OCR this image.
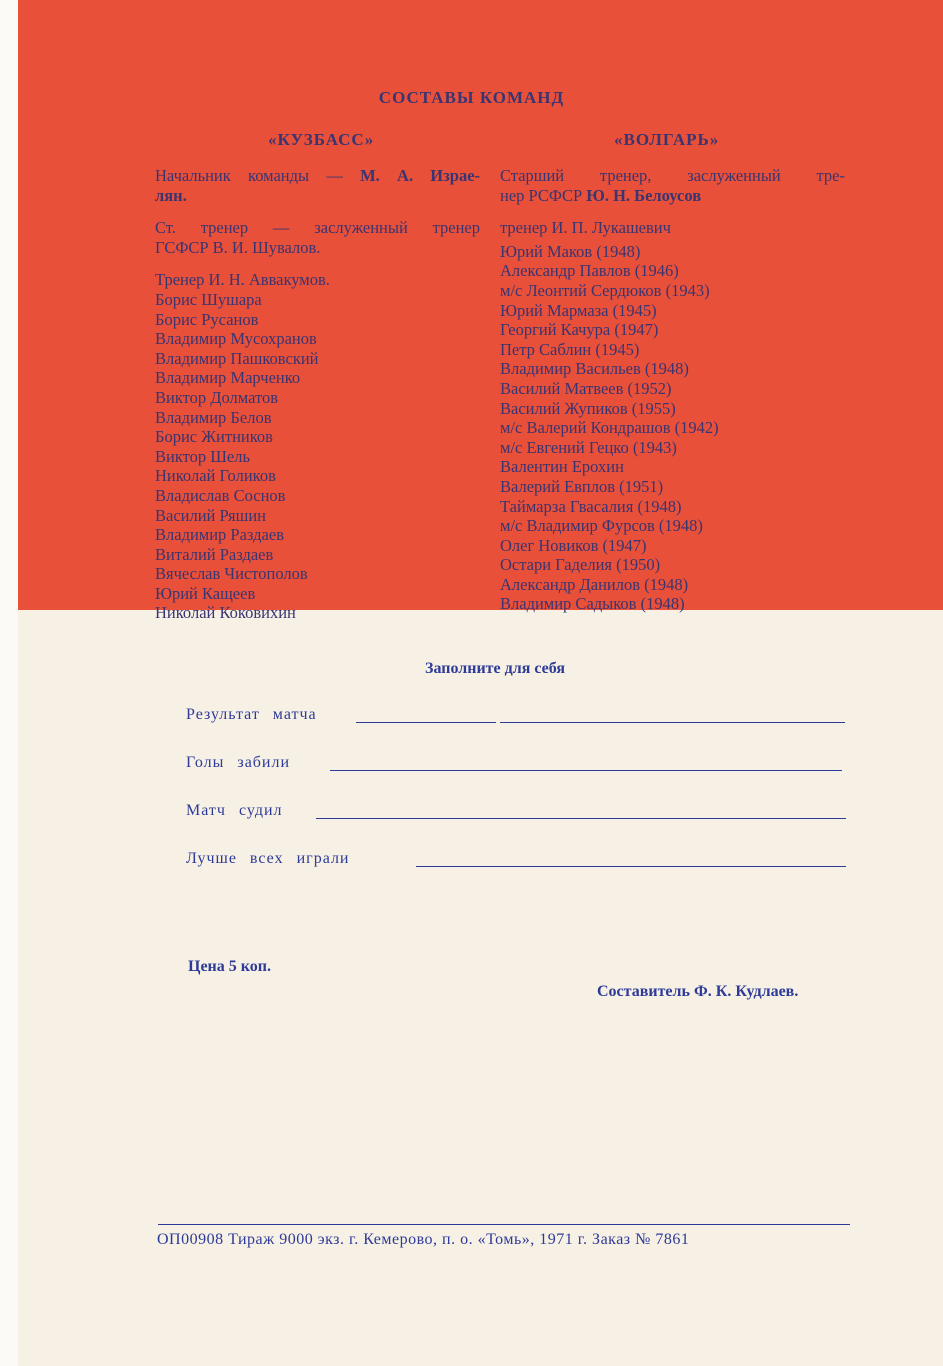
СОСТАВЫ КОМАНД
«КУЗБАСС»	«ВОЛГАРЬ»

Начальник команды — М. А. Израе-

лян.

Ст. тренер — заслуженный тренер

ГСФСР В. И. Шувалов.

Тренер И. Н. Аввакумов.

Борис Шушара

Борис Русанов

Владимир Мусохранов

Владимир Пашковский

Владимир Марченко

Виктор Долматов

Владимир Белов

Борис Житников

Виктор Шель

Николай Голиков

Владислав Соснов

Василий Ряшин

Владимир Раздаев

Виталий Раздаев

Вячеслав Чистополов

Юрий Кащеев

Николай Коковихин

Старший тренер, заслуженный тре-

нер РСФСР Ю. Н. Белоусов

тренер И. П. Лукашевич

Юрий Маков (1948)

Александр Павлов (1946)

м/с Леонтий Сердюков (1943)

Юрий Мармаза (1945)

Георгий Качура (1947)

Петр Саблин (1945)

Владимир Васильев (1948)

Василий Матвеев (1952)

Василий Жупиков (1955)

м/с Валерий Кондрашов (1942)

м/с Евгений Гецко (1943)

Валентин Ерохин

Валерий Евплов (1951)

Таймарза Гвасалия (1948)

м/с Владимир Фурсов (1948)

Олег Новиков (1947)

Остари Гаделия (1950)

Александр Данилов (1948)

Владимир Садыков (1948)

Заполните для себя
Результат матча
Голы забили
Матч судил
Лучше всех играли
Цена 5 коп.
Составитель Ф. К. Кудлаев.
ОП00908 Тираж 9000 экз. г. Кемерово, п. о. «Томь», 1971 г. Заказ № 7861
